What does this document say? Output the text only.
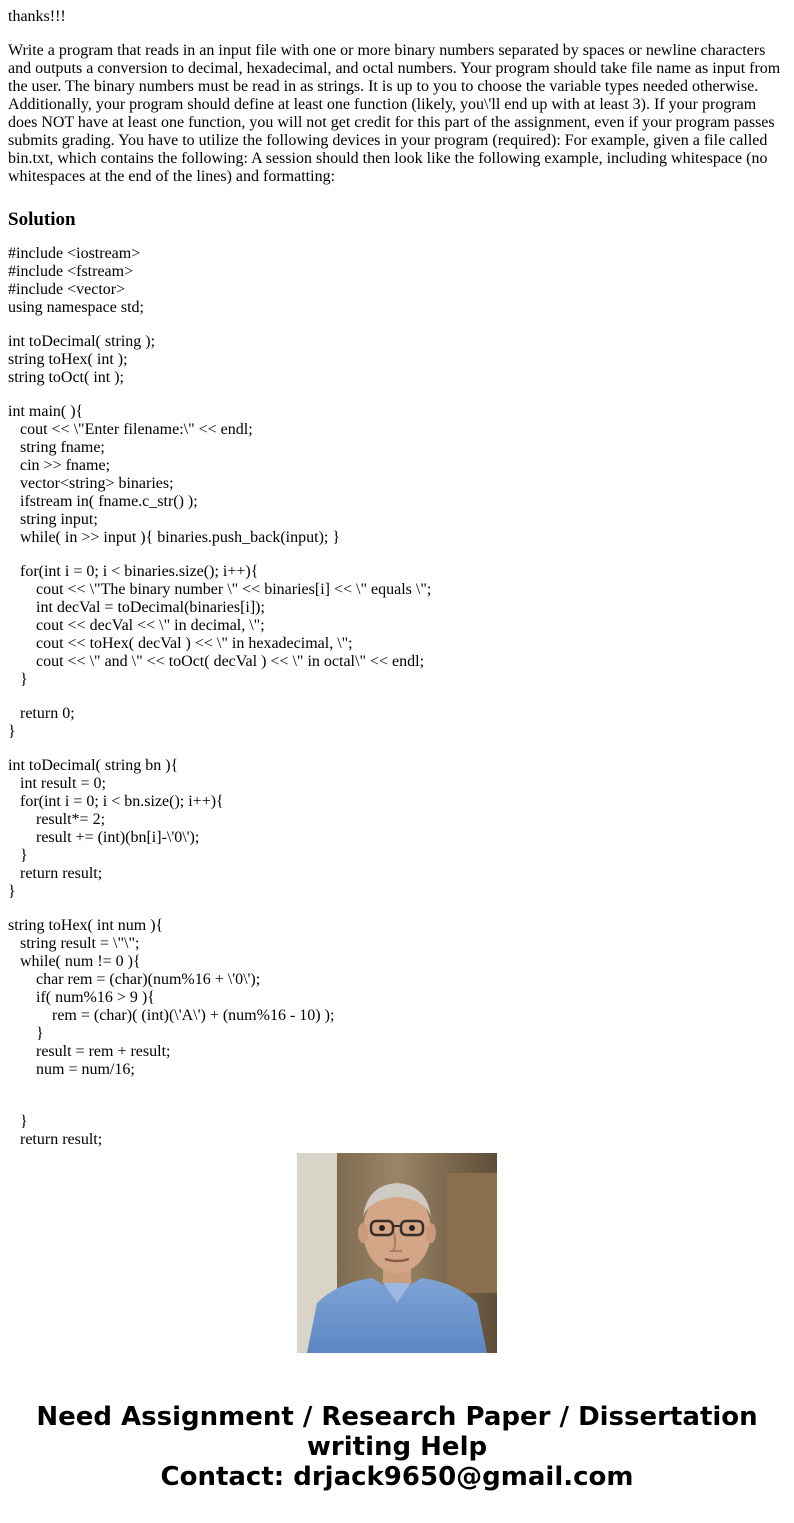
thanks!!!
Write a program that reads in an input file with one or more binary numbers separated by spaces or newline characters and outputs a conversion to decimal, hexadecimal, and octal numbers. Your program should take file name as input from the user. The binary numbers must be read in as strings. It is up to you to choose the variable types needed otherwise. Additionally, your program should define at least one function (likely, you\'ll end up with at least 3). If your program does NOT have at least one function, you will not get credit for this part of the assignment, even if your program passes submits grading. You have to utilize the following devices in your program (required): For example, given a file called bin.txt, which contains the following: A session should then look like the following example, including whitespace (no whitespaces at the end of the lines) and formatting:
Solution
#include <iostream>
#include <fstream>
#include <vector>
using namespace std;
int toDecimal( string );
string toHex( int );
string toOct( int );
int main( ){
cout << \"Enter filename:\" << endl;
string fname;
cin >> fname;
vector<string> binaries;
ifstream in( fname.c_str() );
string input;
while( in >> input ){ binaries.push_back(input); }
for(int i = 0; i < binaries.size(); i++){
cout << \"The binary number \" << binaries[i] << \" equals \";
int decVal = toDecimal(binaries[i]);
cout << decVal << \" in decimal, \";
cout << toHex( decVal ) << \" in hexadecimal, \";
cout << \" and \" << toOct( decVal ) << \" in octal\" << endl;
}
return 0;
}
int toDecimal( string bn ){
int result = 0;
for(int i = 0; i < bn.size(); i++){
result*= 2;
result += (int)(bn[i]-\'0\');
}
return result;
}
string toHex( int num ){
string result = \"\";
while( num != 0 ){
char rem = (char)(num%16 + \'0\');
if( num%16 > 9 ){
rem = (char)( (int)(\'A\') + (num%16 - 10) );
}
result = rem + result;
num = num/16;
}
return result;
Need Assignment / Research Paper / Dissertation
writing Help
Contact: drjack9650@gmail.com
